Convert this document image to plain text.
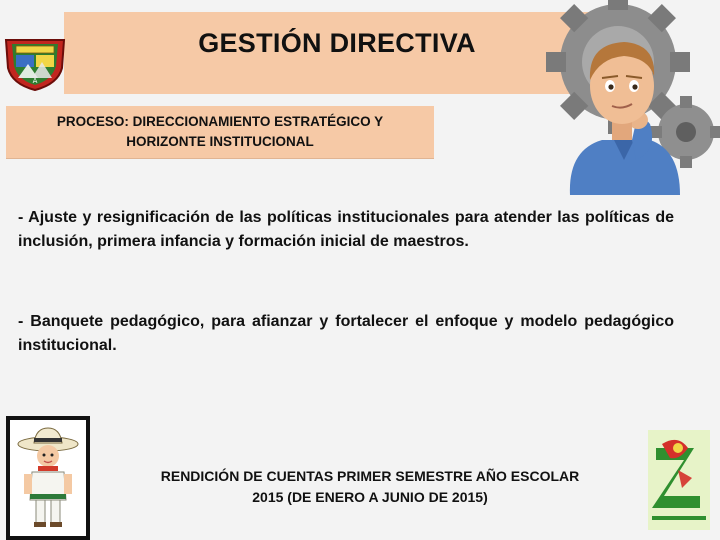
GESTIÓN DIRECTIVA
A
PROCESO: DIRECCIONAMIENTO ESTRATÉGICO Y
HORIZONTE INSTITUCIONAL
- Ajuste y resignificación de las políticas institucionales para atender las políticas de inclusión, primera infancia y formación inicial de maestros.
- Banquete pedagógico, para afianzar y fortalecer el enfoque y modelo pedagógico institucional.
RENDICIÓN DE CUENTAS PRIMER SEMESTRE AÑO ESCOLAR
2015 (DE ENERO A JUNIO DE 2015)
